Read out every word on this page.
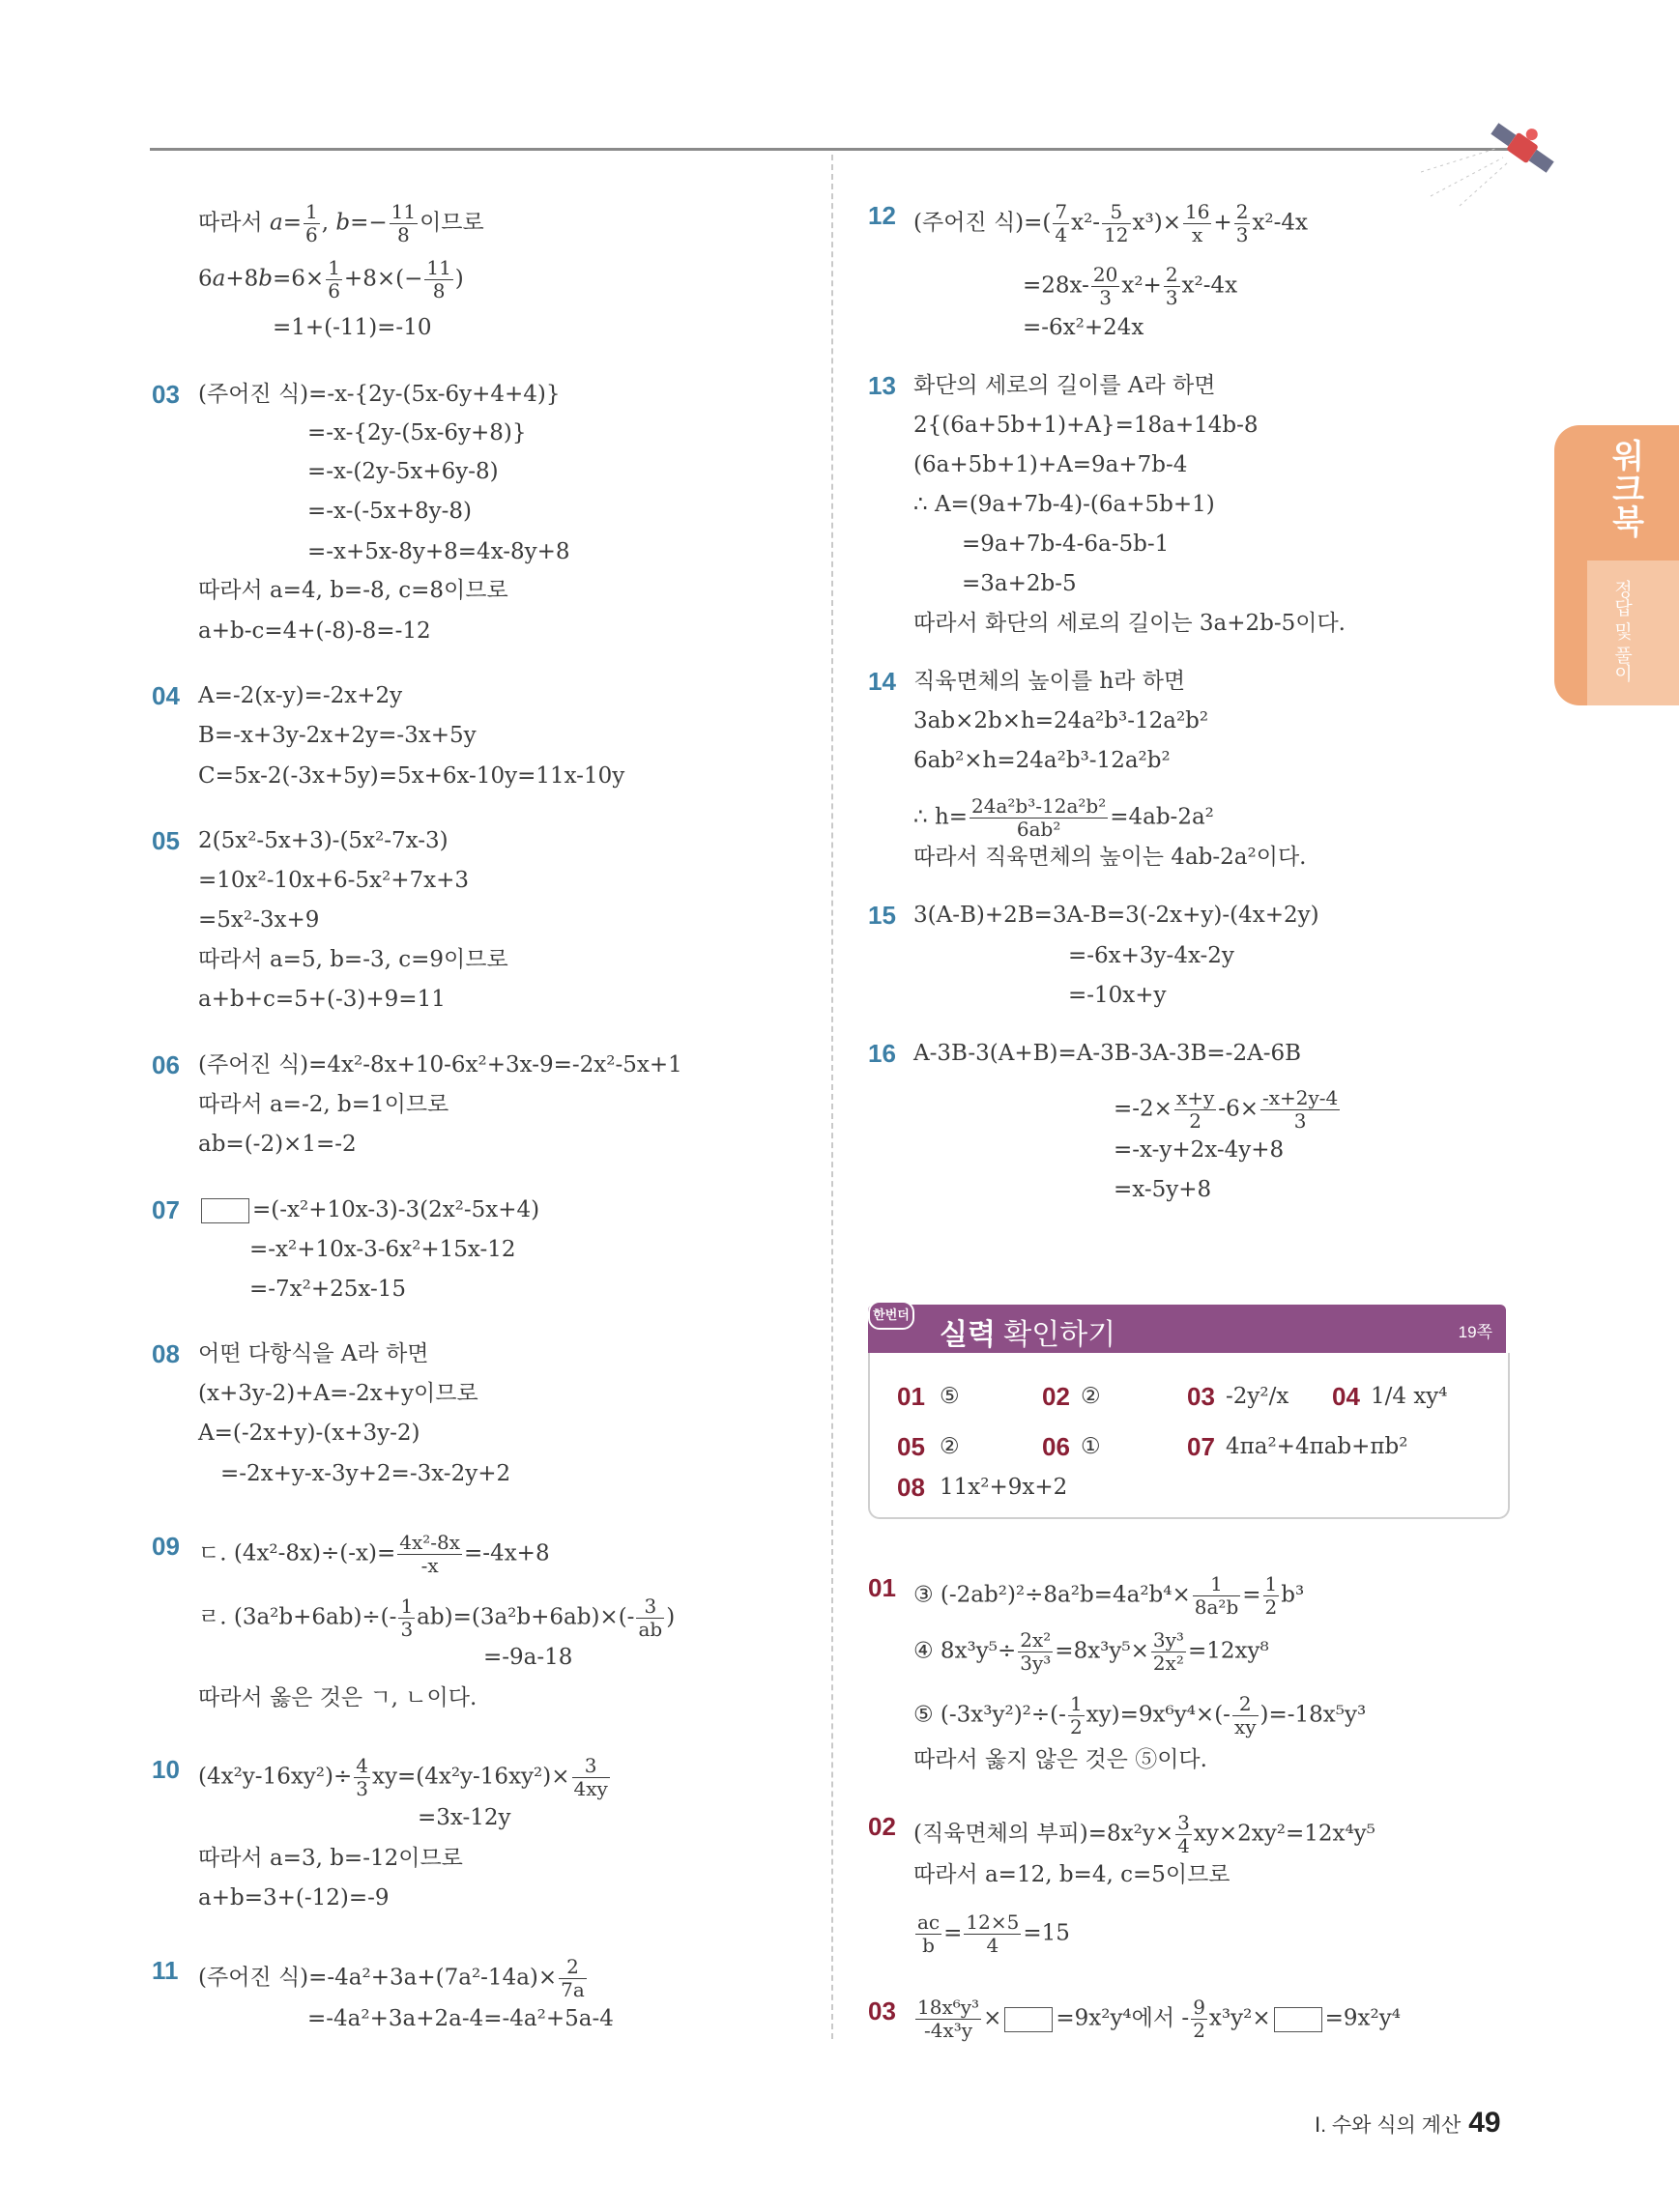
워크북
정답 및 풀이
따라서 $a= \frac{1}{6}$ , $b=- \frac{11}{8}$ 이므로
$6a+8b=6\times \frac{1}{6} +8\times(- \frac{11}{8}$ )
=1+(-11)=-10
03 (주어진 식)=-x-{2y-(5x-6y+4+4)}
=-x-{2y-(5x-6y+8)}
=-x-(2y-5x+6y-8)
=-x-(-5x+8y-8)
=-x+5x-8y+8=4x-8y+8
따라서 a=4, b=-8, c=8이므로
a+b-c=4+(-8)-8=-12
04 A=-2(x-y)=-2x+2y
B=-x+3y-2x+2y=-3x+5y
C=5x-2(-3x+5y)=5x+6x-10y=11x-10y
05 2(5x²-5x+3)-(5x²-7x-3)
=10x²-10x+6-5x²+7x+3
=5x²-3x+9
따라서 a=5, b=-3, c=9이므로
a+b+c=5+(-3)+9=11
06 (주어진 식)=4x²-8x+10-6x²+3x-9=-2x²-5x+1
따라서 a=-2, b=1이므로
ab=(-2)×1=-2
07	=(-x²+10x-3)-3(2x²-5x+4)
=-x²+10x-3-6x²+15x-12
=-7x²+25x-15
08 어떤 다항식을 A라 하면
(x+3y-2)+A=-2x+y이므로
A=(-2x+y)-(x+3y-2)
=-2x+y-x-3y+2=-3x-2y+2
09 ㄷ. $(4x^2-8x)\div(-x)= \frac{\text{4x²-8x}}{-x} =-4x+8$
ㄹ. $(3a^2b+6ab)\div(- \frac{1}{3} ab)=(3a^2b+6ab)\times(- \frac{3}{ab}$ )
=-9a-18
따라서 옳은 것은 ㄱ, ㄴ이다.
10 $(4x^2y-16xy^2)\div \frac{4}{3} xy=(4x^2y-16xy^2)\times \frac{3}{4xy}$
=3x-12y
따라서 a=3, b=-12이므로
a+b=3+(-12)=-9
11 (주어진 식)$=-4a^2+3a+(7a^2-14a)\times \frac{2}{7a}$
=-4a²+3a+2a-4=-4a²+5a-4
12 (주어진 식)=( $\frac{7}{4} x^2- \frac{5}{12} x^3)\times \frac{16}{x} + \frac{2}{3} x^2-4x$
$=28x- \frac{20}{3} x^2+ \frac{2}{3} x^2-4x$
=-6x²+24x
13 화단의 세로의 길이를 A라 하면
2{(6a+5b+1)+A}=18a+14b-8
(6a+5b+1)+A=9a+7b-4
∴ A=(9a+7b-4)-(6a+5b+1)
=9a+7b-4-6a-5b-1
=3a+2b-5
따라서 화단의 세로의 길이는 3a+2b-5이다.
14 직육면체의 높이를 h라 하면
3ab×2b×h=24a²b³-12a²b²
6ab²×h=24a²b³-12a²b²
∴ $h= \frac{\text{24a²b³-12a²b²}}{\text{6ab²}} =4ab-2a^2$
따라서 직육면체의 높이는 4ab-2a²이다.
15 3(A-B)+2B=3A-B=3(-2x+y)-(4x+2y)
=-6x+3y-4x-2y
=-10x+y
16 A-3B-3(A+B)=A-3B-3A-3B=-2A-6B
$=-2\times \frac{x+y}{2} -6\times \frac{-x+2y-4}{3}$
=-x-y+2x-4y+8
=x-5y+8
한번더
실력 확인하기	19쪽
01 ⑤	02 ②	03 -2y²/x 04 1/4 xy⁴
05 ②	06 ①	07 4πa²+4πab+πb²
08 11x²+9x+2
01 ③ $(-2ab^2)^2\div 8a^2b=4a^2b^4\times \frac{1}{\text{8a²b}} = \frac{1}{2} b^3$
④ $8x^3y^5\div \frac{\text{2x²}}{\text{3y³}} =8x^3y^5\times \frac{\text{3y³}}{\text{2x²}} =12xy^8$
⑤ $(-3x^3y^2)^2\div(- \frac{1}{2} xy)=9x^6y^4\times(- \frac{2}{xy} )=-18x^5y^3$
따라서 옳지 않은 것은 ⑤이다.
02 (직육면체의 부피)$=8x^2y\times \frac{3}{4} xy\times 2xy^2=12x^4y^5$
따라서 a=12, b=4, c=5이므로
$\frac{ac}{b} = \frac{12\times 5}{4} =15$
$03 \frac{\text{18x⁶y³}}{\text{-4x³y}} \times =9x^2y^4$에서 - $\frac{9}{2} x^3y^2\times =9x^2y^4$
Ⅰ. 수와 식의 계산 49
